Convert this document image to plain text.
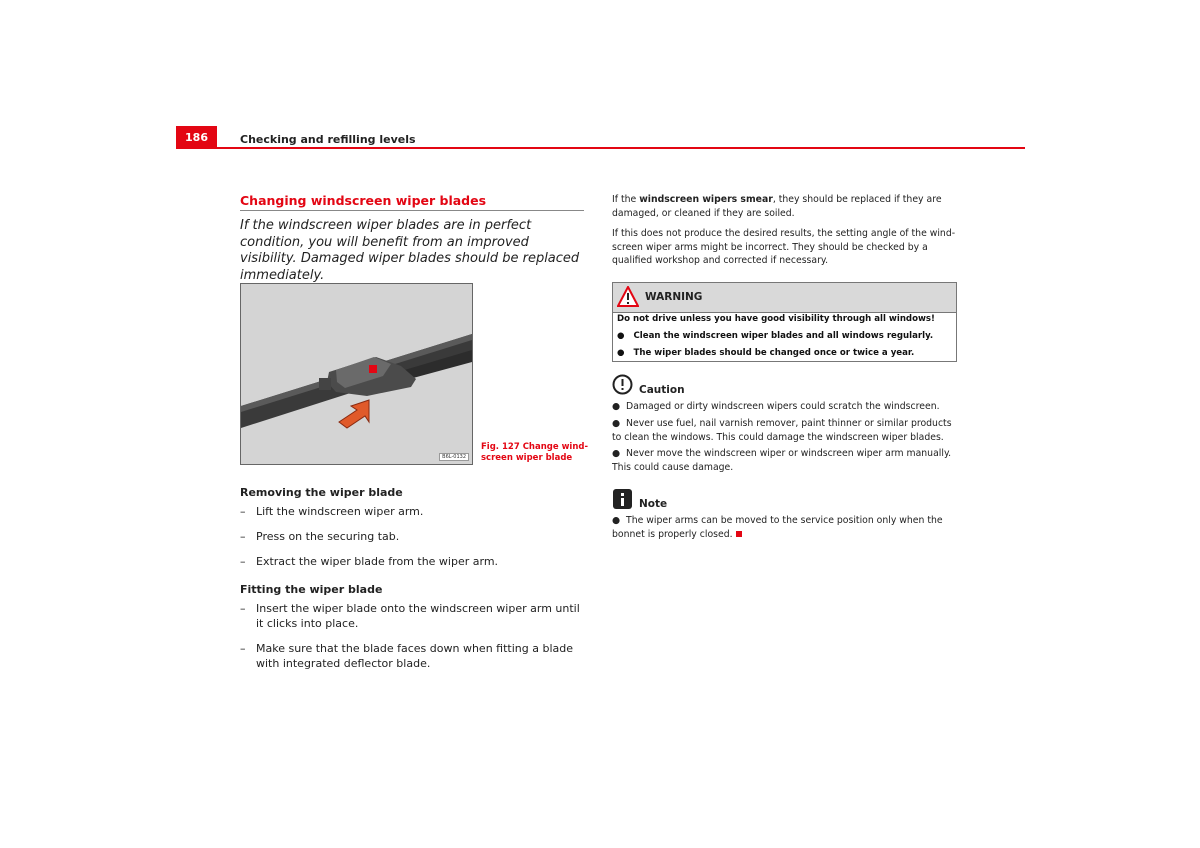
186	Checking and refilling levels
Changing windscreen wiper blades
If the windscreen wiper blades are in perfect condition, you will benefit from an improved visibility. Damaged wiper blades should be replaced immediately.
B6L-0132
Fig. 127 Change wind-screen wiper blade
Removing the wiper blade
– Lift the windscreen wiper arm.
– Press on the securing tab.
– Extract the wiper blade from the wiper arm.
Fitting the wiper blade
– Insert the wiper blade onto the windscreen wiper arm until it clicks into place.
– Make sure that the blade faces down when fitting a blade with integrated deflector blade.
If the windscreen wipers smear, they should be replaced if they are damaged, or cleaned if they are soiled.
If this does not produce the desired results, the setting angle of the wind-screen wiper arms might be incorrect. They should be checked by a qualified workshop and corrected if necessary.
WARNING
Do not drive unless you have good visibility through all windows!
● Clean the windscreen wiper blades and all windows regularly.
● The wiper blades should be changed once or twice a year.
Caution
● Damaged or dirty windscreen wipers could scratch the windscreen.
● Never use fuel, nail varnish remover, paint thinner or similar products to clean the windows. This could damage the windscreen wiper blades.
● Never move the windscreen wiper or windscreen wiper arm manually. This could cause damage.
Note
● The wiper arms can be moved to the service position only when the bonnet is properly closed.
